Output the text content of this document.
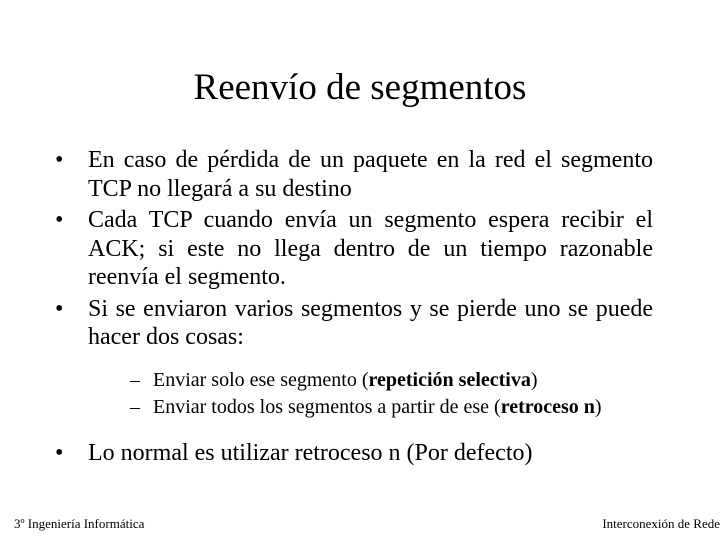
Reenvío de segmentos
• En caso de pérdida de un paquete en la red el segmento TCP no llegará a su destino
• Cada TCP cuando envía un segmento espera recibir el ACK; si este no llega dentro de un tiempo razonable reenvía el segmento.
• Si se enviaron varios segmentos y se pierde uno se puede hacer dos cosas:
– Enviar solo ese segmento (repetición selectiva)
– Enviar todos los segmentos a partir de ese (retroceso n)
• Lo normal es utilizar retroceso n (Por defecto)
3º Ingeniería Informática	Interconexión de Rede
